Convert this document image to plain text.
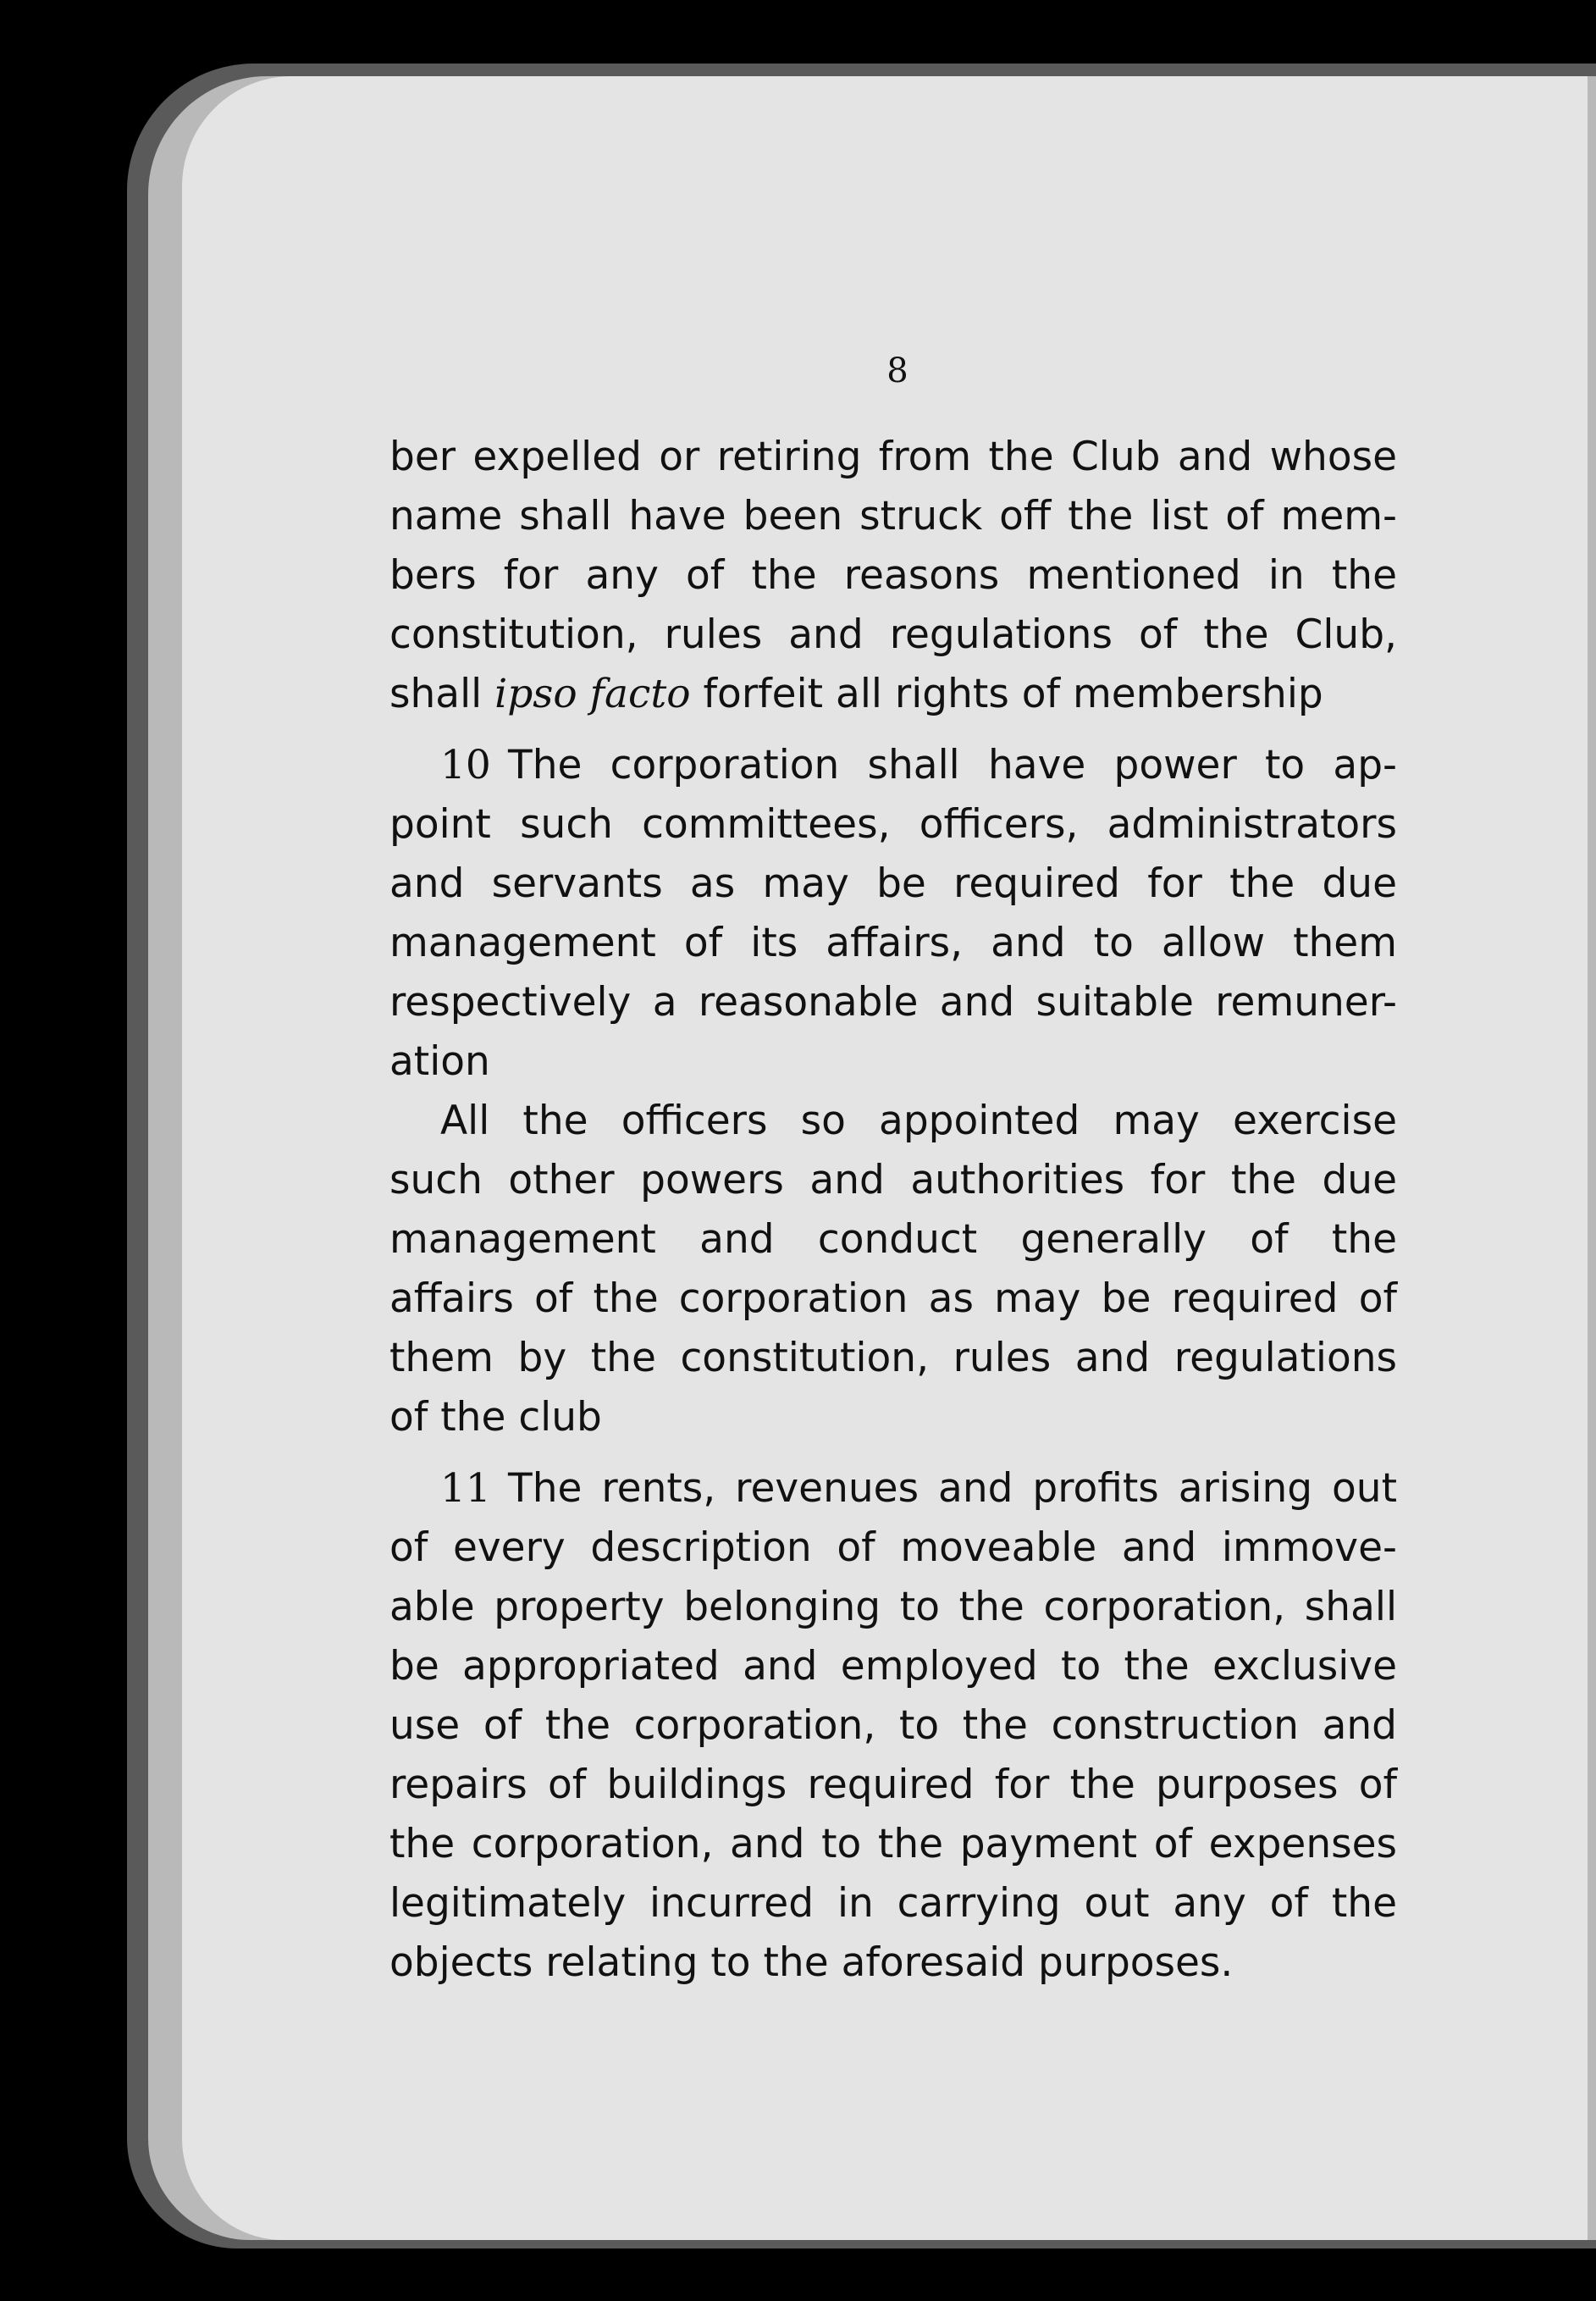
8

ber expelled or retiring from the Club and whose
name shall have been struck off the list of mem-
bers for any of the reasons mentioned in the
constitution, rules and regulations of the Club,
shall ipso facto forfeit all rights of membership

10 The corporation shall have power to ap-
point such committees, officers, administrators
and servants as may be required for the due
management of its affairs, and to allow them
respectively a reasonable and suitable remuner-
ation

All the officers so appointed may exercise
such other powers and authorities for the due
management and conduct generally of the
affairs of the corporation as may be required of
them by the constitution, rules and regulations
of the club

11 The rents, revenues and profits arising out
of every description of moveable and immove-
able property belonging to the corporation, shall
be appropriated and employed to the exclusive
use of the corporation, to the construction and
repairs of buildings required for the purposes of
the corporation, and to the payment of expenses
legitimately incurred in carrying out any of the
objects relating to the aforesaid purposes.
